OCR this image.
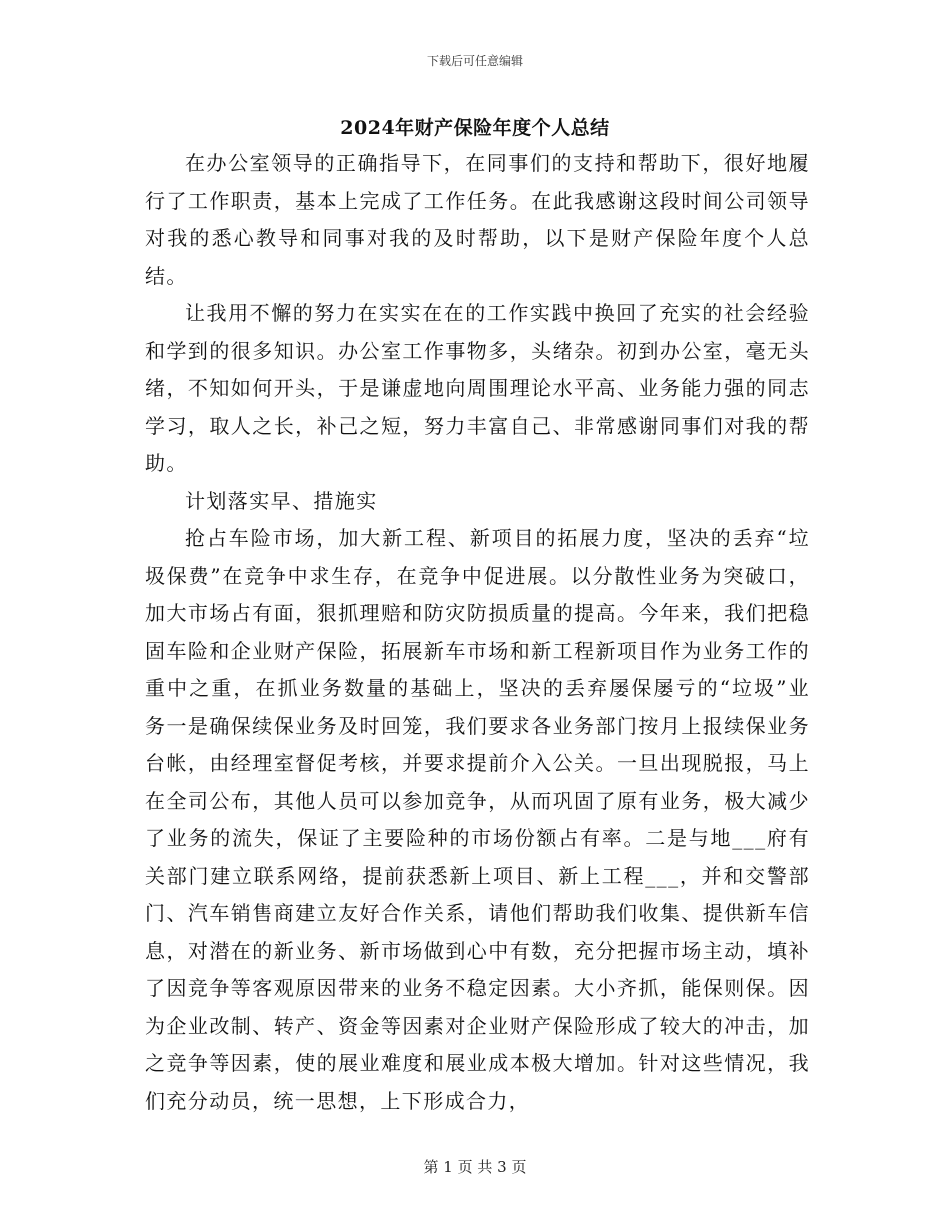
下载后可任意编辑
2024年财产保险年度个人总结

在办公室领导的正确指导下，在同事们的支持和帮助下，很好地履行了工作职责，基本上完成了工作任务。在此我感谢这段时间公司领导对我的悉心教导和同事对我的及时帮助，以下是财产保险年度个人总结。

让我用不懈的努力在实实在在的工作实践中换回了充实的社会经验和学到的很多知识。办公室工作事物多，头绪杂。初到办公室，毫无头绪，不知如何开头，于是谦虚地向周围理论水平高、业务能力强的同志学习，取人之长，补己之短，努力丰富自己、非常感谢同事们对我的帮助。

计划落实早、措施实

抢占车险市场，加大新工程、新项目的拓展力度，坚决的丢弃“垃圾保费”在竞争中求生存，在竞争中促进展。以分散性业务为突破口，加大市场占有面，狠抓理赔和防灾防损质量的提高。今年来，我们把稳固车险和企业财产保险，拓展新车市场和新工程新项目作为业务工作的重中之重，在抓业务数量的基础上，坚决的丢弃屡保屡亏的“垃圾”业务一是确保续保业务及时回笼，我们要求各业务部门按月上报续保业务台帐，由经理室督促考核，并要求提前介入公关。一旦出现脱报，马上在全司公布，其他人员可以参加竞争，从而巩固了原有业务，极大减少了业务的流失，保证了主要险种的市场份额占有率。二是与地___府有关部门建立联系网络，提前获悉新上项目、新上工程___，并和交警部门、汽车销售商建立友好合作关系，请他们帮助我们收集、提供新车信息，对潜在的新业务、新市场做到心中有数，充分把握市场主动，填补了因竞争等客观原因带来的业务不稳定因素。大小齐抓，能保则保。因为企业改制、转产、资金等因素对企业财产保险形成了较大的冲击，加之竞争等因素，使的展业难度和展业成本极大增加。针对这些情况，我们充分动员，统一思想，上下形成合力，

第 1 页 共 3 页
